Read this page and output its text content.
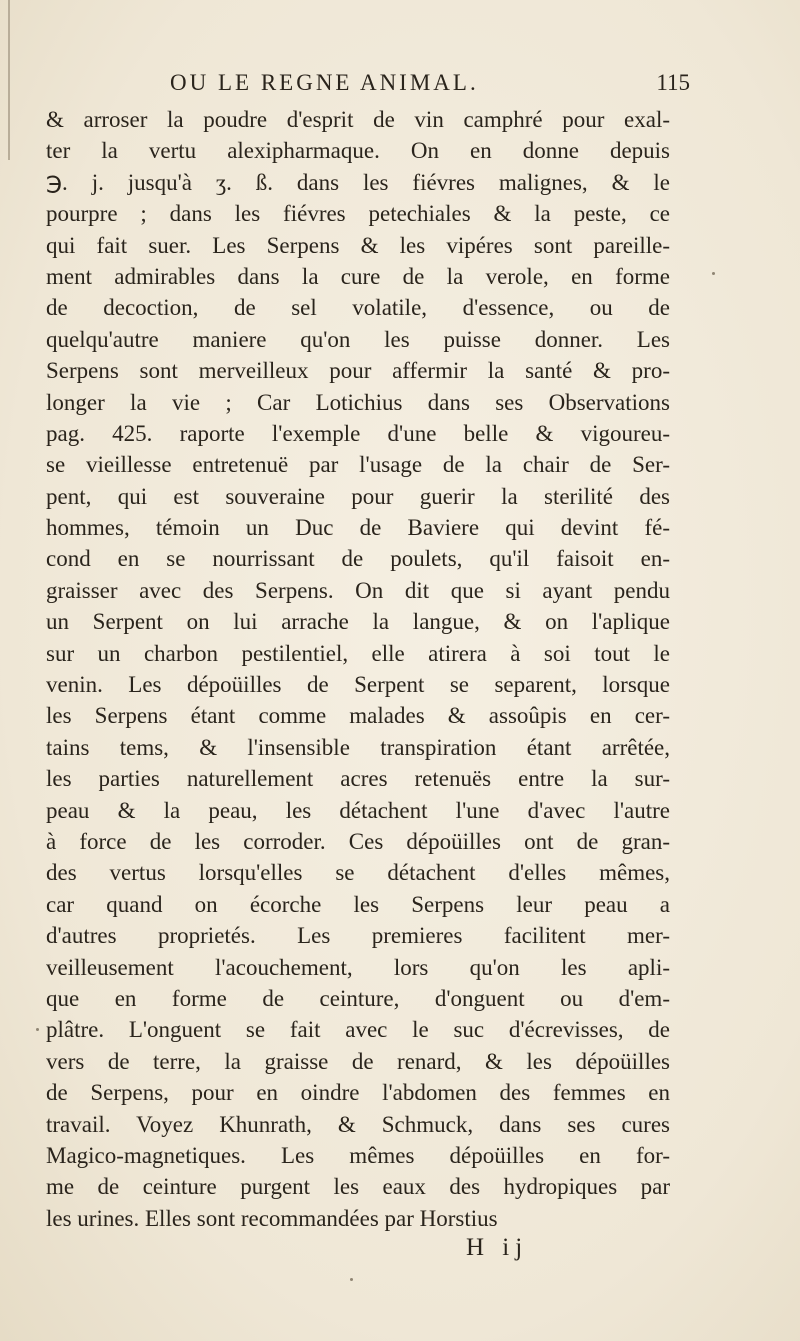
OU LE REGNE ANIMAL.	115
& arroser la poudre d'esprit de vin camphré pour exal-
ter la vertu alexipharmaque. On en donne depuis
℈. j. jusqu'à ʒ. ß. dans les fiévres malignes, & le
pourpre ; dans les fiévres petechiales & la peste, ce
qui fait suer. Les Serpens & les vipéres sont pareille-
ment admirables dans la cure de la verole, en forme
de decoction, de sel volatile, d'essence, ou de
quelqu'autre maniere qu'on les puisse donner. Les
Serpens sont merveilleux pour affermir la santé & pro-
longer la vie ; Car Lotichius dans ses Observations
pag. 425. raporte l'exemple d'une belle & vigoureu-
se vieillesse entretenuë par l'usage de la chair de Ser-
pent, qui est souveraine pour guerir la sterilité des
hommes, témoin un Duc de Baviere qui devint fé-
cond en se nourrissant de poulets, qu'il faisoit en-
graisser avec des Serpens. On dit que si ayant pendu
un Serpent on lui arrache la langue, & on l'aplique
sur un charbon pestilentiel, elle atirera à soi tout le
venin. Les dépoüilles de Serpent se separent, lorsque
les Serpens étant comme malades & assoûpis en cer-
tains tems, & l'insensible transpiration étant arrêtée,
les parties naturellement acres retenuës entre la sur-
peau & la peau, les détachent l'une d'avec l'autre
à force de les corroder. Ces dépoüilles ont de gran-
des vertus lorsqu'elles se détachent d'elles mêmes,
car quand on écorche les Serpens leur peau a
d'autres proprietés. Les premieres facilitent mer-
veilleusement l'acouchement, lors qu'on les apli-
que en forme de ceinture, d'onguent ou d'em-
plâtre. L'onguent se fait avec le suc d'écrevisses, de
vers de terre, la graisse de renard, & les dépoüilles
de Serpens, pour en oindre l'abdomen des femmes en
travail. Voyez Khunrath, & Schmuck, dans ses cures
Magico-magnetiques. Les mêmes dépoüilles en for-
me de ceinture purgent les eaux des hydropiques par
les urines. Elles sont recommandées par Horstius
H ij
